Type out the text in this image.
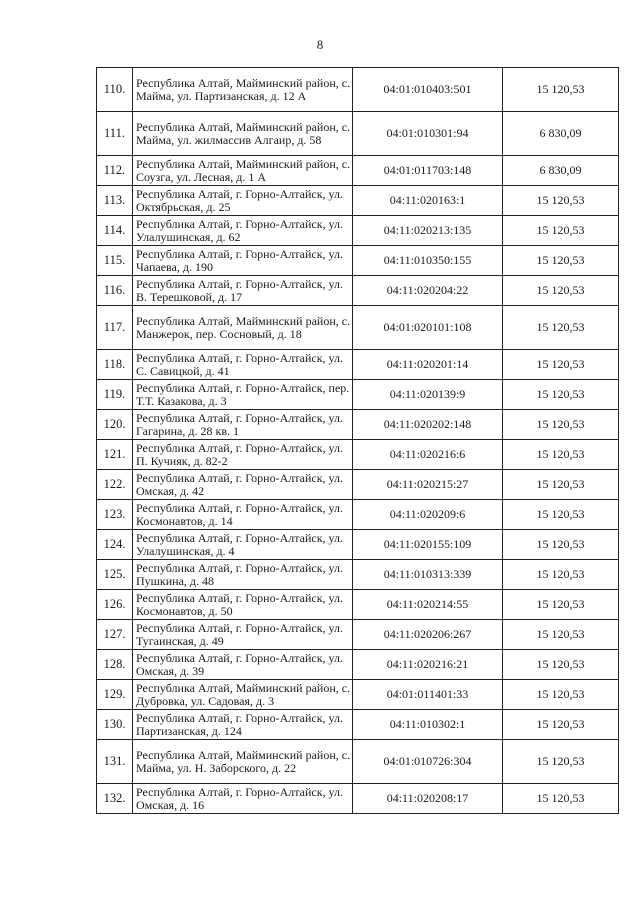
8
110.	Республика Алтай, Майминский район, с. Майма, ул. Партизанская, д. 12 А	04:01:010403:501	15 120,53
111.	Республика Алтай, Майминский район, с. Майма, ул. жилмассив Алгаир, д. 58	04:01:010301:94	6 830,09
112.	Республика Алтай, Майминский район, с. Соузга, ул. Лесная, д. 1 А	04:01:011703:148	6 830,09
113.	Республика Алтай, г. Горно-Алтайск, ул. Октябрьская, д. 25	04:11:020163:1	15 120,53
114.	Республика Алтай, г. Горно-Алтайск, ул. Улалушинская, д. 62	04:11:020213:135	15 120,53
115.	Республика Алтай, г. Горно-Алтайск, ул. Чапаева, д. 190	04:11:010350:155	15 120,53
116.	Республика Алтай, г. Горно-Алтайск, ул. В. Терешковой, д. 17	04:11:020204:22	15 120,53
117.	Республика Алтай, Майминский район, с. Манжерок, пер. Сосновый, д. 18	04:01:020101:108	15 120,53
118.	Республика Алтай, г. Горно-Алтайск, ул. С. Савицкой, д. 41	04:11:020201:14	15 120,53
119.	Республика Алтай, г. Горно-Алтайск, пер. Т.Т. Казакова, д. 3	04:11:020139:9	15 120,53
120.	Республика Алтай, г. Горно-Алтайск, ул. Гагарина, д. 28 кв. 1	04:11:020202:148	15 120,53
121.	Республика Алтай, г. Горно-Алтайск, ул. П. Кучияк, д. 82-2	04:11:020216:6	15 120,53
122.	Республика Алтай, г. Горно-Алтайск, ул. Омская, д. 42	04:11:020215:27	15 120,53
123.	Республика Алтай, г. Горно-Алтайск, ул. Космонавтов, д. 14	04:11:020209:6	15 120,53
124.	Республика Алтай, г. Горно-Алтайск, ул. Улалушинская, д. 4	04:11:020155:109	15 120,53
125.	Республика Алтай, г. Горно-Алтайск, ул. Пушкина, д. 48	04:11:010313:339	15 120,53
126.	Республика Алтай, г. Горно-Алтайск, ул. Космонавтов, д. 50	04:11:020214:55	15 120,53
127.	Республика Алтай, г. Горно-Алтайск, ул. Тугаинская, д. 49	04:11:020206:267	15 120,53
128.	Республика Алтай, г. Горно-Алтайск, ул. Омская, д. 39	04:11:020216:21	15 120,53
129.	Республика Алтай, Майминский район, с. Дубровка, ул. Садовая, д. 3	04:01:011401:33	15 120,53
130.	Республика Алтай, г. Горно-Алтайск, ул. Партизанская, д. 124	04:11:010302:1	15 120,53
131.	Республика Алтай, Майминский район, с. Майма, ул. Н. Заборского, д. 22	04:01:010726:304	15 120,53
132.	Республика Алтай, г. Горно-Алтайск, ул. Омская, д. 16	04:11:020208:17	15 120,53
